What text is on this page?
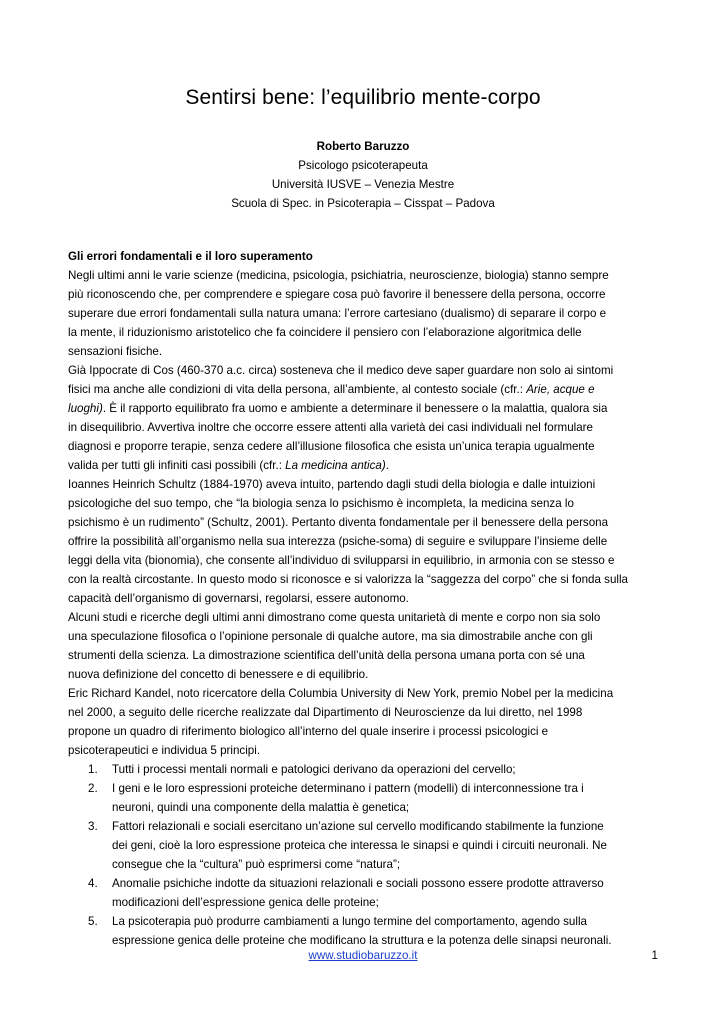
Sentirsi bene: l’equilibrio mente-corpo
Roberto Baruzzo
Psicologo psicoterapeuta
Università IUSVE – Venezia Mestre
Scuola di Spec. in Psicoterapia – Cisspat – Padova
Gli errori fondamentali e il loro superamento

Negli ultimi anni le varie scienze (medicina, psicologia, psichiatria, neuroscienze, biologia) stanno sempre
più riconoscendo che, per comprendere e spiegare cosa può favorire il benessere della persona, occorre
superare due errori fondamentali sulla natura umana: l’errore cartesiano (dualismo) di separare il corpo e
la mente, il riduzionismo aristotelico che fa coincidere il pensiero con l’elaborazione algoritmica delle
sensazioni fisiche.

Già Ippocrate di Cos (460-370 a.c. circa) sosteneva che il medico deve saper guardare non solo ai sintomi
fisici ma anche alle condizioni di vita della persona, all’ambiente, al contesto sociale (cfr.: Arie, acque e
luoghi). È il rapporto equilibrato fra uomo e ambiente a determinare il benessere o la malattia, qualora sia
in disequilibrio. Avvertiva inoltre che occorre essere attenti alla varietà dei casi individuali nel formulare
diagnosi e proporre terapie, senza cedere all’illusione filosofica che esista un’unica terapia ugualmente
valida per tutti gli infiniti casi possibili (cfr.: La medicina antica).

Ioannes Heinrich Schultz (1884-1970) aveva intuito, partendo dagli studi della biologia e dalle intuizioni
psicologiche del suo tempo, che “la biologia senza lo psichismo è incompleta, la medicina senza lo
psichismo è un rudimento” (Schultz, 2001). Pertanto diventa fondamentale per il benessere della persona
offrire la possibilità all’organismo nella sua interezza (psiche-soma) di seguire e sviluppare l’insieme delle
leggi della vita (bionomia), che consente all’individuo di svilupparsi in equilibrio, in armonia con se stesso e
con la realtà circostante. In questo modo si riconosce e si valorizza la “saggezza del corpo” che si fonda sulla
capacità dell’organismo di governarsi, regolarsi, essere autonomo.

Alcuni studi e ricerche degli ultimi anni dimostrano come questa unitarietà di mente e corpo non sia solo
una speculazione filosofica o l’opinione personale di qualche autore, ma sia dimostrabile anche con gli
strumenti della scienza. La dimostrazione scientifica dell’unità della persona umana porta con sé una
nuova definizione del concetto di benessere e di equilibrio.

Eric Richard Kandel, noto ricercatore della Columbia University di New York, premio Nobel per la medicina
nel 2000, a seguito delle ricerche realizzate dal Dipartimento di Neuroscienze da lui diretto, nel 1998
propone un quadro di riferimento biologico all’interno del quale inserire i processi psicologici e
psicoterapeutici e individua 5 principi.

1. Tutti i processi mentali normali e patologici derivano da operazioni del cervello;
2. I geni e le loro espressioni proteiche determinano i pattern (modelli) di interconnessione tra i
neuroni, quindi una componente della malattia è genetica;
3. Fattori relazionali e sociali esercitano un’azione sul cervello modificando stabilmente la funzione
dei geni, cioè la loro espressione proteica che interessa le sinapsi e quindi i circuiti neuronali. Ne
consegue che la “cultura” può esprimersi come “natura”;
4. Anomalie psichiche indotte da situazioni relazionali e sociali possono essere prodotte attraverso
modificazioni dell’espressione genica delle proteine;
5. La psicoterapia può produrre cambiamenti a lungo termine del comportamento, agendo sulla
espressione genica delle proteine che modificano la struttura e la potenza delle sinapsi neuronali.
www.studiobaruzzo.it	1
